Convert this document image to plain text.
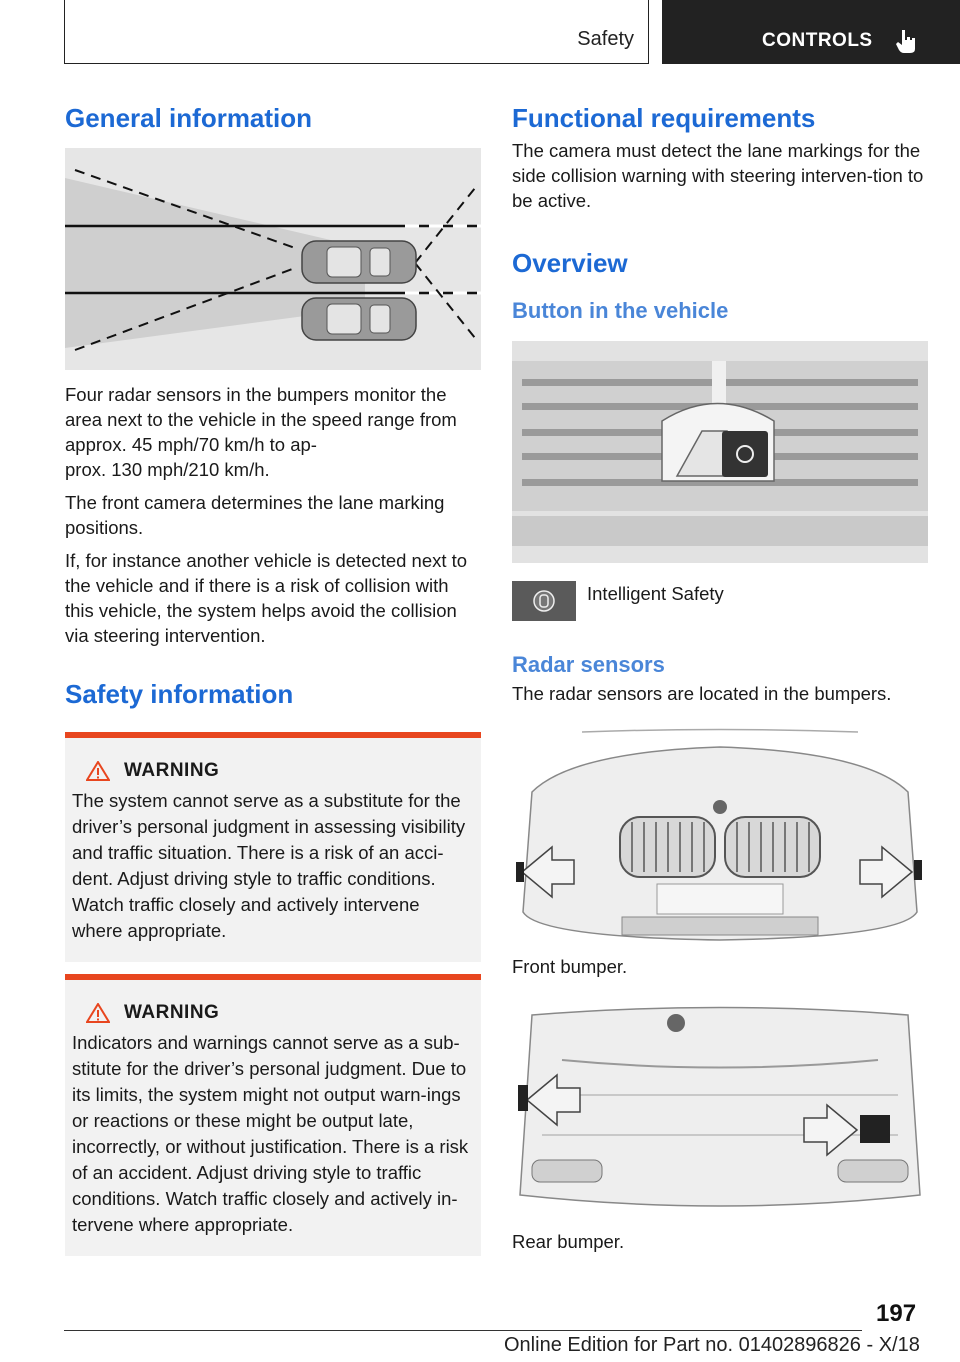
Safety	CONTROLS
General information

Four radar sensors in the bumpers monitor the area next to the vehicle in the speed range from approx. 45 mph/70 km/h to ap-

prox. 130 mph/210 km/h.

The front camera determines the lane marking positions.

If, for instance another vehicle is detected next to the vehicle and if there is a risk of collision with this vehicle, the system helps avoid the collision via steering intervention.

Safety information
WARNING

The system cannot serve as a substitute for the driver’s personal judgment in assessing visibility and traffic situation. There is a risk of an acci-dent. Adjust driving style to traffic conditions. Watch traffic closely and actively intervene where appropriate.

WARNING

Indicators and warnings cannot serve as a sub-stitute for the driver’s personal judgment. Due to its limits, the system might not output warn-ings or reactions or these might be output late, incorrectly, or without justification. There is a risk of an accident. Adjust driving style to traffic conditions. Watch traffic closely and actively in-tervene where appropriate.

Functional requirements

The camera must detect the lane markings for the side collision warning with steering interven-tion to be active.

Overview
Button in the vehicle

Intelligent Safety

Radar sensors

The radar sensors are located in the bumpers.

Front bumper.

Rear bumper.

197
Online Edition for Part no. 01402896826 - X/18
